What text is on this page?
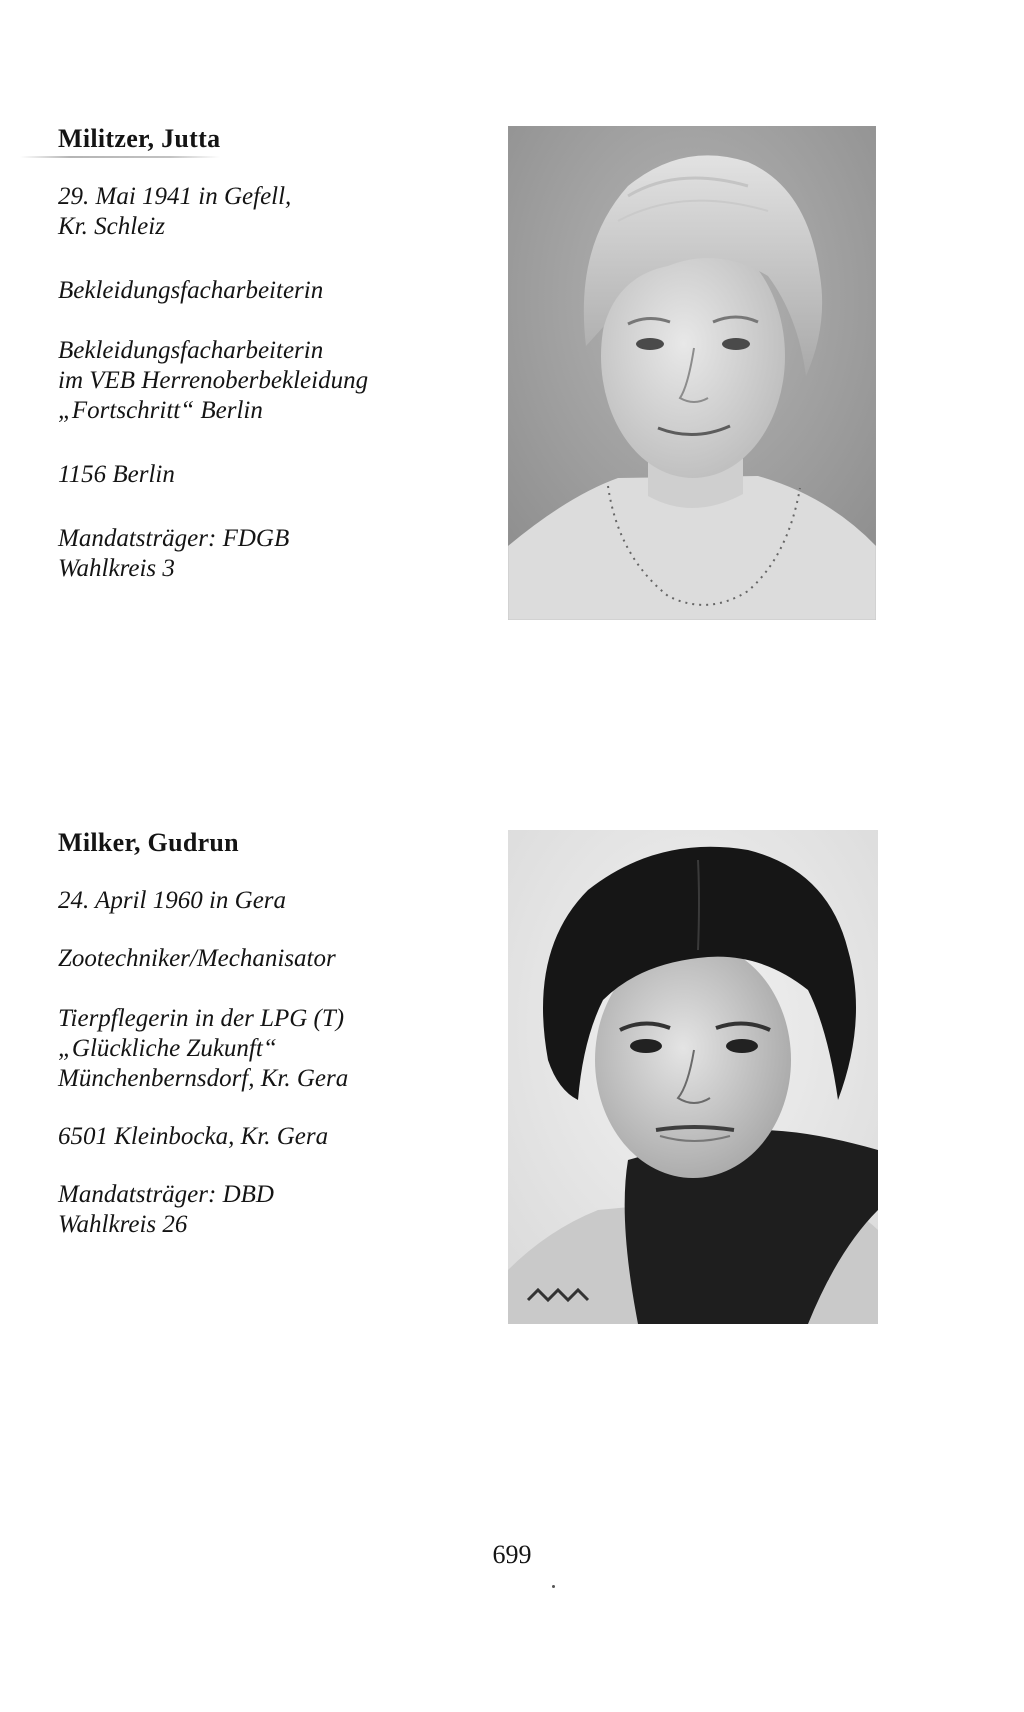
Militzer, Jutta

29. Mai 1941 in Gefell,

Kr. Schleiz

Bekleidungsfacharbeiterin

Bekleidungsfacharbeiterin

im VEB Herrenoberbekleidung

„Fortschritt“ Berlin

1156 Berlin

Mandatsträger: FDGB

Wahlkreis 3

Milker, Gudrun

24. April 1960 in Gera

Zootechniker/Mechanisator

Tierpflegerin in der LPG (T)

„Glückliche Zukunft“

Münchenbernsdorf, Kr. Gera

6501 Kleinbocka, Kr. Gera

Mandatsträger: DBD

Wahlkreis 26

699
